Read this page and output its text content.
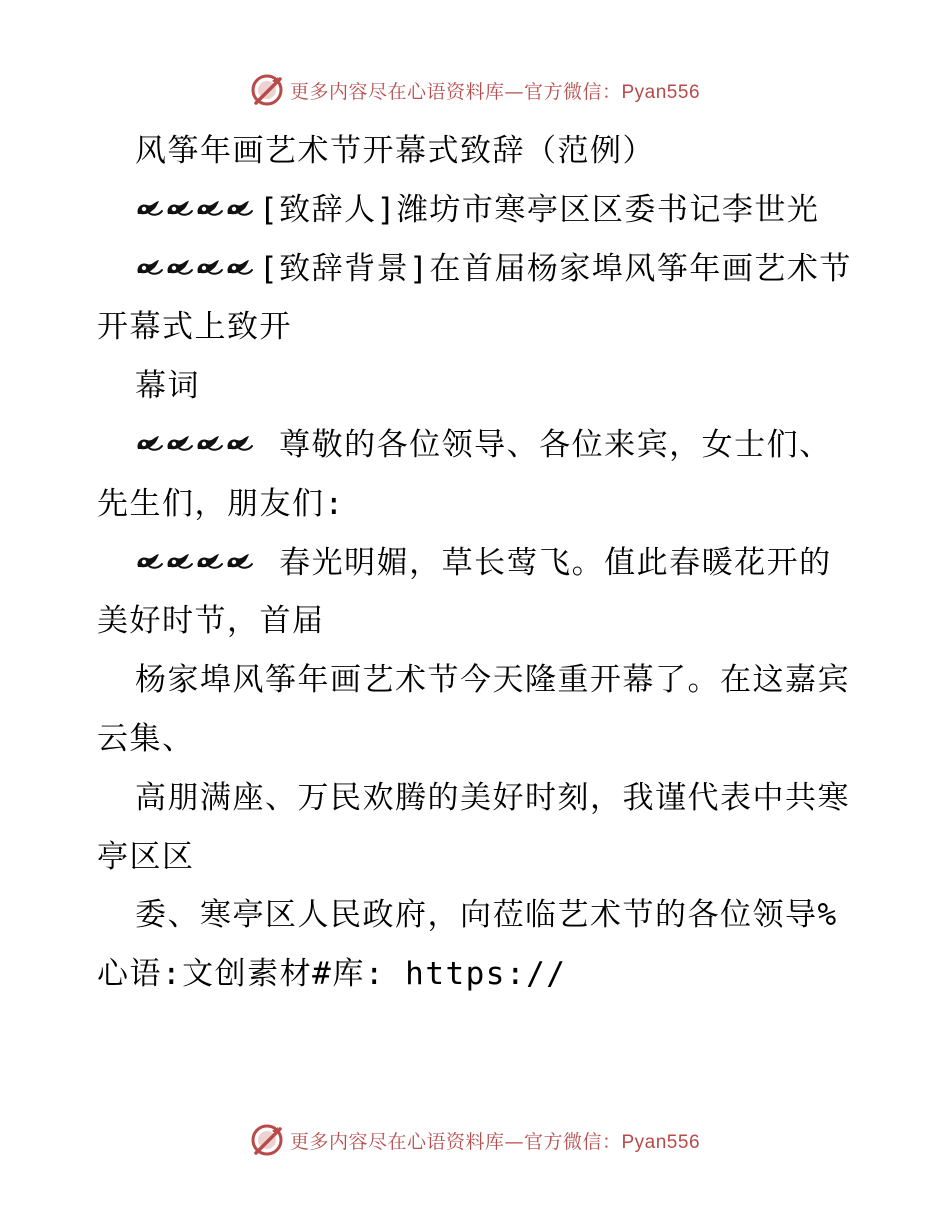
更多内容尽在心语资料库—官方微信：Pyan556

风筝年画艺术节开幕式致辞（范例）

[致辞人]潍坊市寒亭区区委书记李世光

[致辞背景]在首届杨家埠风筝年画艺术节开幕式上致开

幕词

尊敬的各位领导、各位来宾，女士们、先生们，朋友们:

春光明媚，草长莺飞。值此春暖花开的美好时节，首届

杨家埠风筝年画艺术节今天隆重开幕了。在这嘉宾云集、

高朋满座、万民欢腾的美好时刻，我谨代表中共寒亭区区

委、寒亭区人民政府，向莅临艺术节的各位领导%心语:文创素材#库: https://

更多内容尽在心语资料库—官方微信：Pyan556
